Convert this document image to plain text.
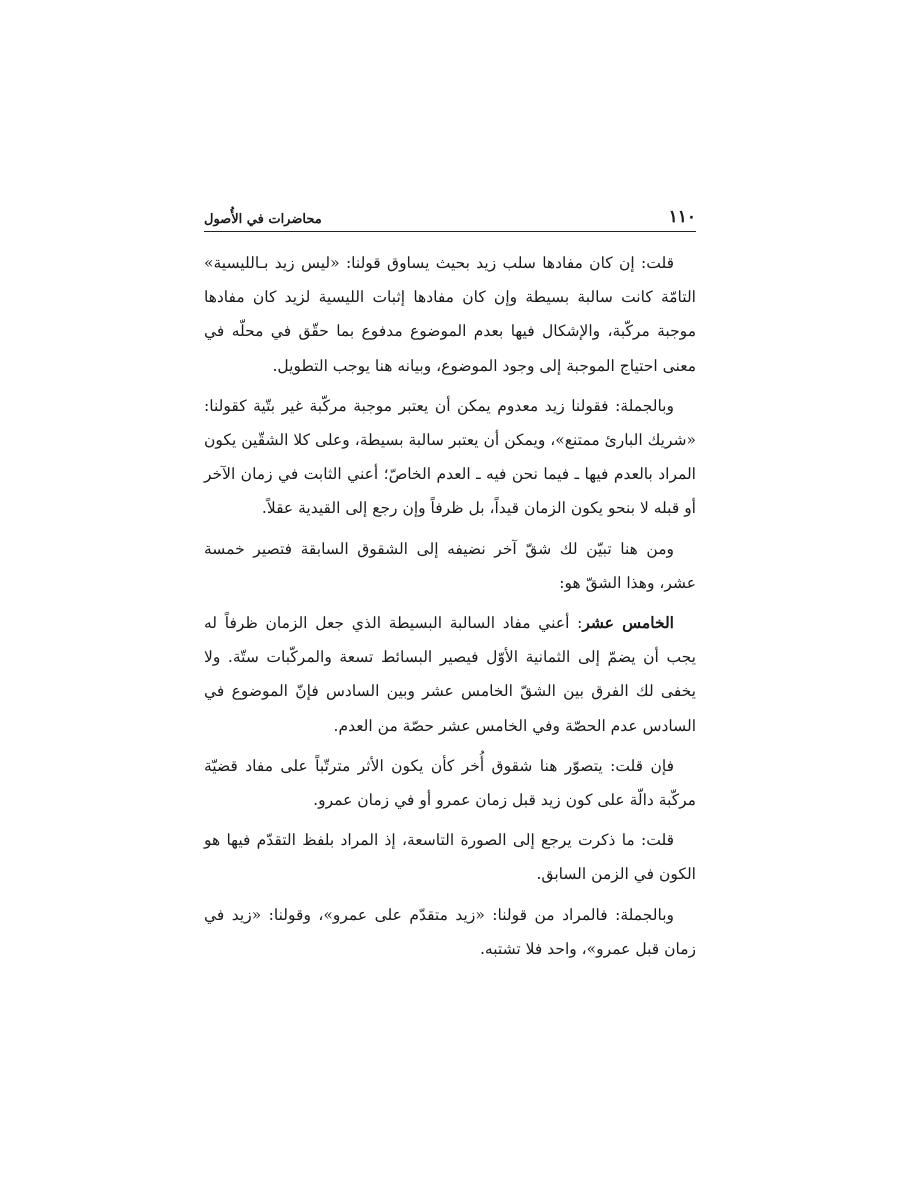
١١٠
محاضرات في الأُصول

قلت: إن كان مفادها سلب زيد بحيث يساوق قولنا: «ليس زيد بـالليسية» التامّة كانت سالبة بسيطة وإن كان مفادها إثبات الليسية لزيد كان مفادها موجبة مركّبة، والإشكال فيها بعدم الموضوع مدفوع بما حقّق في محلّه في معنى احتياج الموجبة إلى وجود الموضوع، وبيانه هنا يوجب التطويل.

وبالجملة: فقولنا زيد معدوم يمكن أن يعتبر موجبة مركّبة غير بتّية كقولنا: «شريك البارئ ممتنع»، ويمكن أن يعتبر سالبة بسيطة، وعلى كلا الشقّين يكون المراد بالعدم فيها ـ فيما نحن فيه ـ العدم الخاصّ؛ أعني الثابت في زمان الآخر أو قبله لا بنحو يكون الزمان قيداً، بل ظرفاً وإن رجع إلى القيدية عقلاً.

ومن هنا تبيّن لك شقّ آخر نضيفه إلى الشقوق السابقة فتصير خمسة عشر، وهذا الشقّ هو:

الخامس عشر: أعني مفاد السالبة البسيطة الذي جعل الزمان ظرفاً له يجب أن يضمّ إلى الثمانية الأوّل فيصير البسائط تسعة والمركّبات ستّة. ولا يخفى لك الفرق بين الشقّ الخامس عشر وبين السادس فإنّ الموضوع في السادس عدم الحصّة وفي الخامس عشر حصّة من العدم.

فإن قلت: يتصوّر هنا شقوق أُخر كأن يكون الأثر مترتّباً على مفاد قضيّة مركّبة دالّة على كون زيد قبل زمان عمرو أو في زمان عمرو.

قلت: ما ذكرت يرجع إلى الصورة التاسعة، إذ المراد بلفظ التقدّم فيها هو الكون في الزمن السابق.

وبالجملة: فالمراد من قولنا: «زيد متقدّم على عمرو»، وقولنا: «زيد في زمان قبل عمرو»، واحد فلا تشتبه.
